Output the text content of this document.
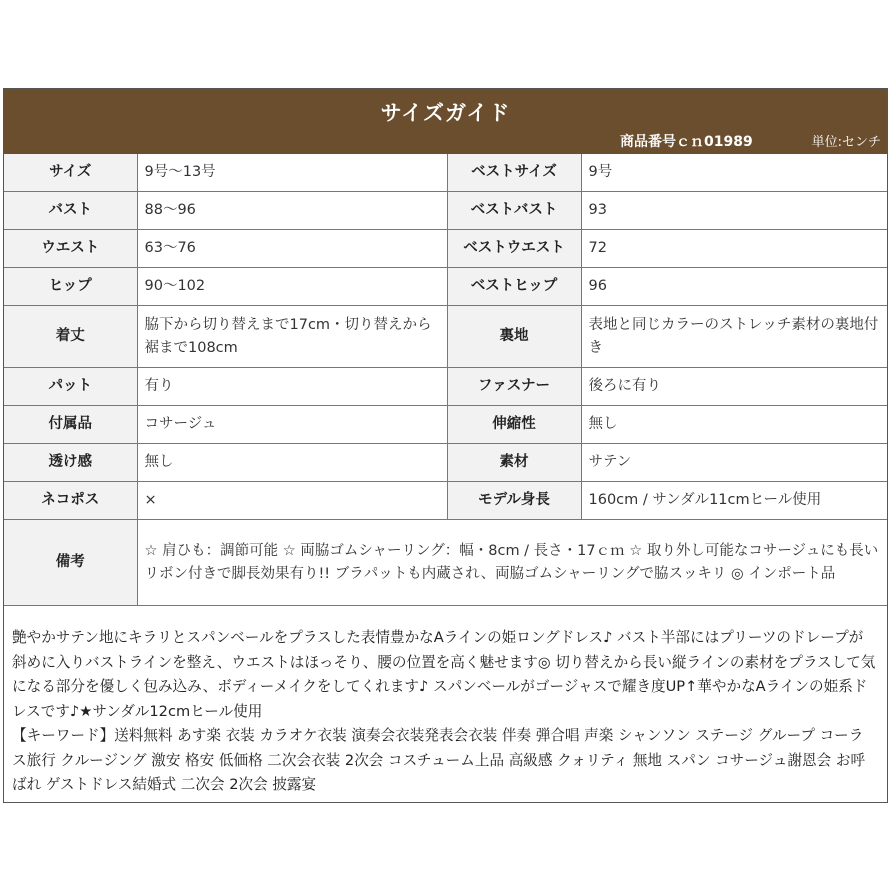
サイズガイド
商品番号ｃｎ01989	単位:センチ
サイズ	9号～13号	ベストサイズ	9号
バスト	88～96	ベストバスト	93
ウエスト	63～76	ベストウエスト	72
ヒップ	90～102	ベストヒップ	96
着丈	脇下から切り替えまで17cm・切り替えから裾まで108cm	裏地	表地と同じカラーのストレッチ素材の裏地付き
パット	有り	ファスナー	後ろに有り
付属品	コサージュ	伸縮性	無し
透け感	無し	素材	サテン
ネコポス	×	モデル身長	160cm / サンダル11cmヒール使用
備考	☆ 肩ひも：調節可能 ☆ 両脇ゴムシャーリング：幅・8cm / 長さ・17ｃｍ ☆ 取り外し可能なコサージュにも長いリボン付きで脚長効果有り!! ブラパットも内蔵され、両脇ゴムシャーリングで脇スッキリ ◎ インポート品		

艶やかサテン地にキラリとスパンベールをプラスした表情豊かなAラインの姫ロングドレス♪ バスト半部にはプリーツのドレープが斜めに入りバストラインを整え、ウエストはほっそり、腰の位置を高く魅せます◎ 切り替えから長い縦ラインの素材をプラスして気になる部分を優しく包み込み、ボディーメイクをしてくれます♪ スパンベールがゴージャスで耀き度UP↑華やかなAラインの姫系ドレスです♪★サンダル12cmヒール使用

【キーワード】送料無料 あす楽 衣装 カラオケ衣装 演奏会衣装発表会衣装 伴奏 弾合唱 声楽 シャンソン ステージ グループ コーラス旅行 クルージング 激安 格安 低価格 二次会衣装 2次会 コスチューム上品 高級感 クォリティ 無地 スパン コサージュ謝恩会 お呼ばれ ゲストドレス結婚式 二次会 2次会 披露宴
